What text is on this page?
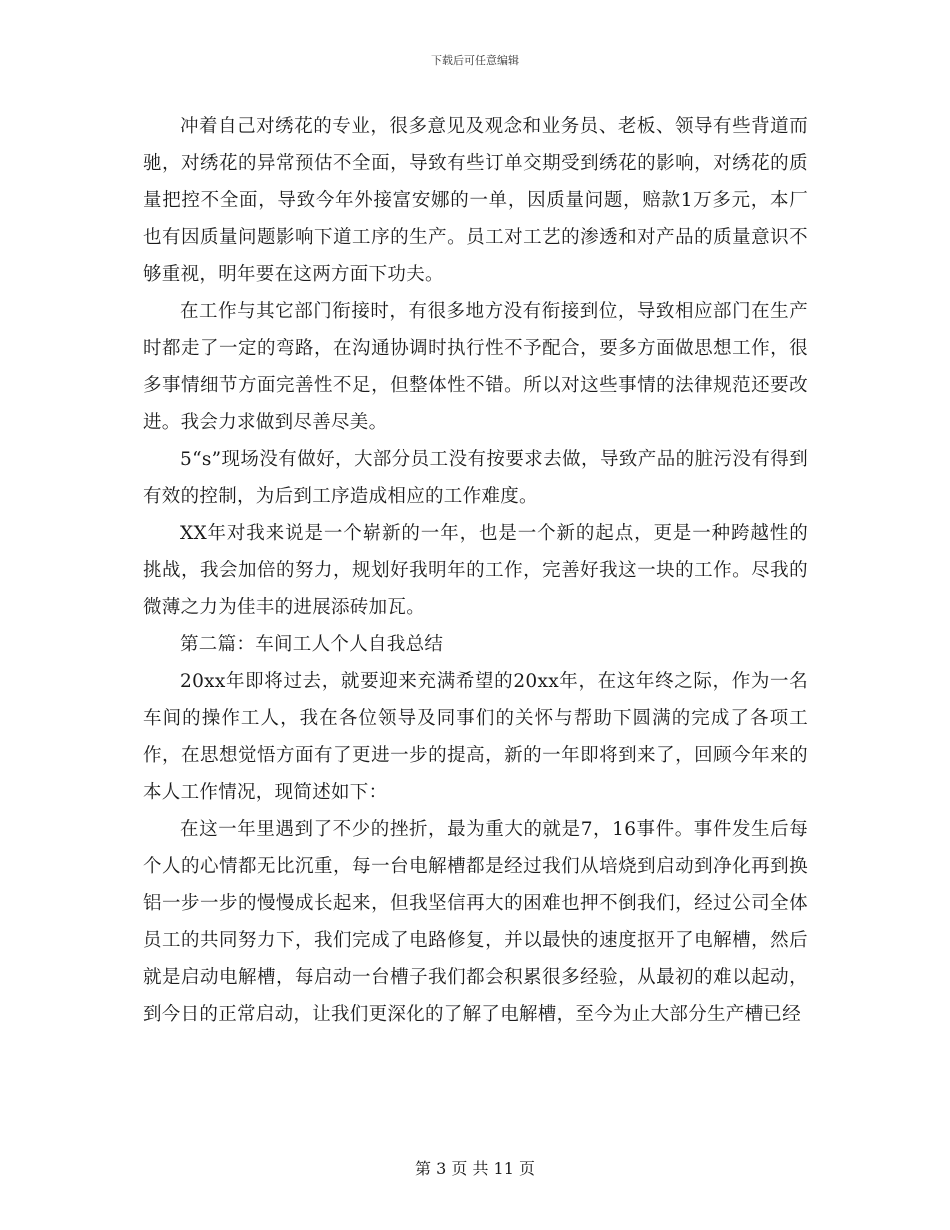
下载后可任意编辑

冲着自己对绣花的专业，很多意见及观念和业务员、老板、领导有些背道而驰，对绣花的异常预估不全面，导致有些订单交期受到绣花的影响，对绣花的质量把控不全面，导致今年外接富安娜的一单，因质量问题，赔款1万多元，本厂也有因质量问题影响下道工序的生产。员工对工艺的渗透和对产品的质量意识不够重视，明年要在这两方面下功夫。

在工作与其它部门衔接时，有很多地方没有衔接到位，导致相应部门在生产时都走了一定的弯路，在沟通协调时执行性不予配合，要多方面做思想工作，很多事情细节方面完善性不足，但整体性不错。所以对这些事情的法律规范还要改进。我会力求做到尽善尽美。

5“s”现场没有做好，大部分员工没有按要求去做，导致产品的脏污没有得到有效的控制，为后到工序造成相应的工作难度。

XX年对我来说是一个崭新的一年，也是一个新的起点，更是一种跨越性的挑战，我会加倍的努力，规划好我明年的工作，完善好我这一块的工作。尽我的微薄之力为佳丰的进展添砖加瓦。

第二篇：车间工人个人自我总结

20xx年即将过去，就要迎来充满希望的20xx年，在这年终之际，作为一名车间的操作工人，我在各位领导及同事们的关怀与帮助下圆满的完成了各项工作，在思想觉悟方面有了更进一步的提高，新的一年即将到来了，回顾今年来的本人工作情况，现简述如下：

在这一年里遇到了不少的挫折，最为重大的就是7，16事件。事件发生后每个人的心情都无比沉重，每一台电解槽都是经过我们从培烧到启动到净化再到换铝一步一步的慢慢成长起来，但我坚信再大的困难也押不倒我们，经过公司全体员工的共同努力下，我们完成了电路修复，并以最快的速度抠开了电解槽，然后就是启动电解槽，每启动一台槽子我们都会积累很多经验，从最初的难以起动，到今日的正常启动，让我们更深化的了解了电解槽，至今为止大部分生产槽已经

第 3 页 共 11 页
